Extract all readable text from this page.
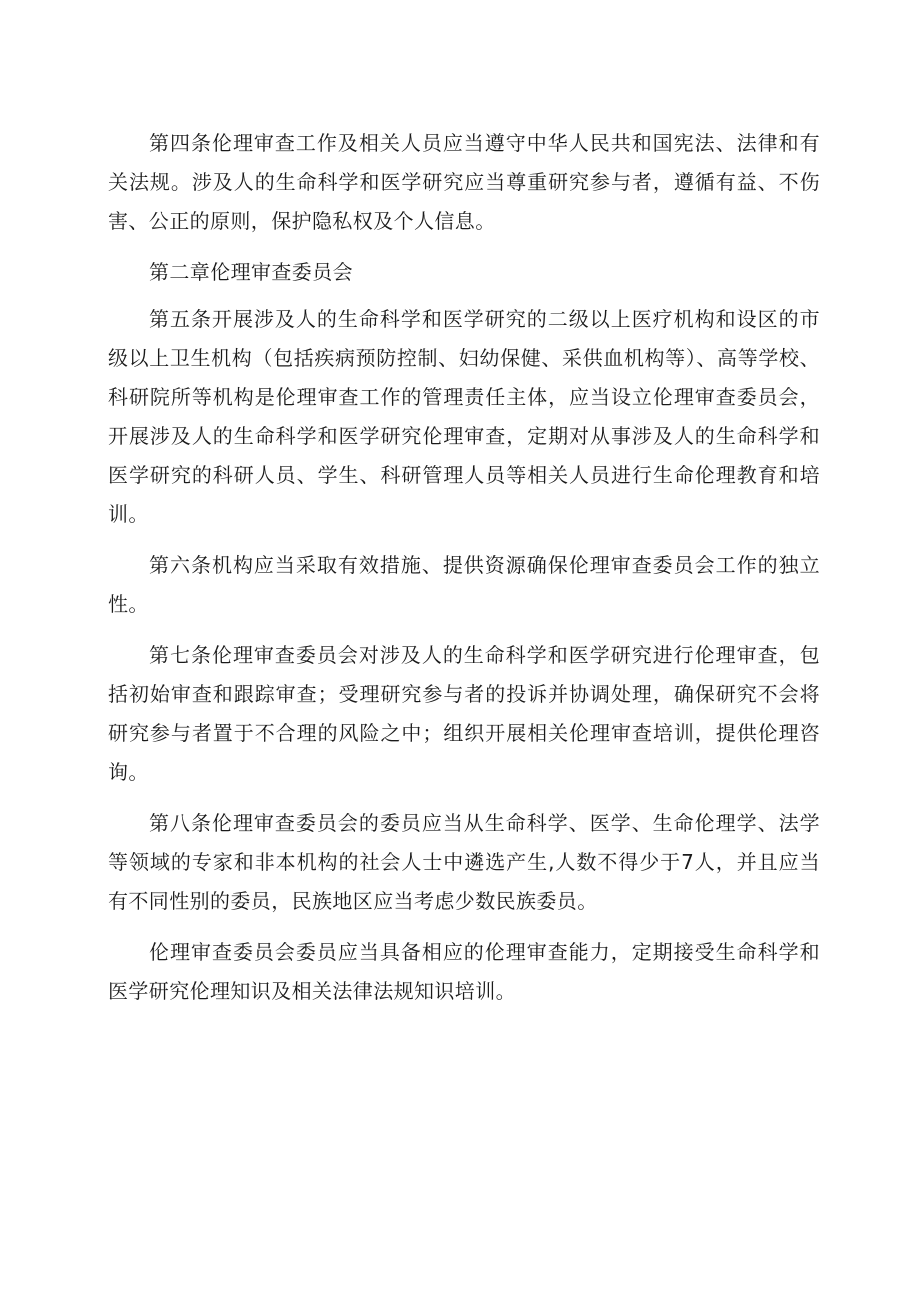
第四条伦理审查工作及相关人员应当遵守中华人民共和国宪法、法律和有关法规。涉及人的生命科学和医学研究应当尊重研究参与者，遵循有益、不伤害、公正的原则，保护隐私权及个人信息。

第二章伦理审查委员会

第五条开展涉及人的生命科学和医学研究的二级以上医疗机构和设区的市级以上卫生机构（包括疾病预防控制、妇幼保健、采供血机构等）、高等学校、科研院所等机构是伦理审查工作的管理责任主体，应当设立伦理审查委员会，开展涉及人的生命科学和医学研究伦理审查，定期对从事涉及人的生命科学和医学研究的科研人员、学生、科研管理人员等相关人员进行生命伦理教育和培训。

第六条机构应当采取有效措施、提供资源确保伦理审查委员会工作的独立性。

第七条伦理审查委员会对涉及人的生命科学和医学研究进行伦理审查，包括初始审查和跟踪审查；受理研究参与者的投诉并协调处理，确保研究不会将研究参与者置于不合理的风险之中；组织开展相关伦理审查培训，提供伦理咨询。

第八条伦理审查委员会的委员应当从生命科学、医学、生命伦理学、法学等领域的专家和非本机构的社会人士中遴选产生,人数不得少于7人，并且应当有不同性别的委员，民族地区应当考虑少数民族委员。

伦理审查委员会委员应当具备相应的伦理审查能力，定期接受生命科学和医学研究伦理知识及相关法律法规知识培训。
